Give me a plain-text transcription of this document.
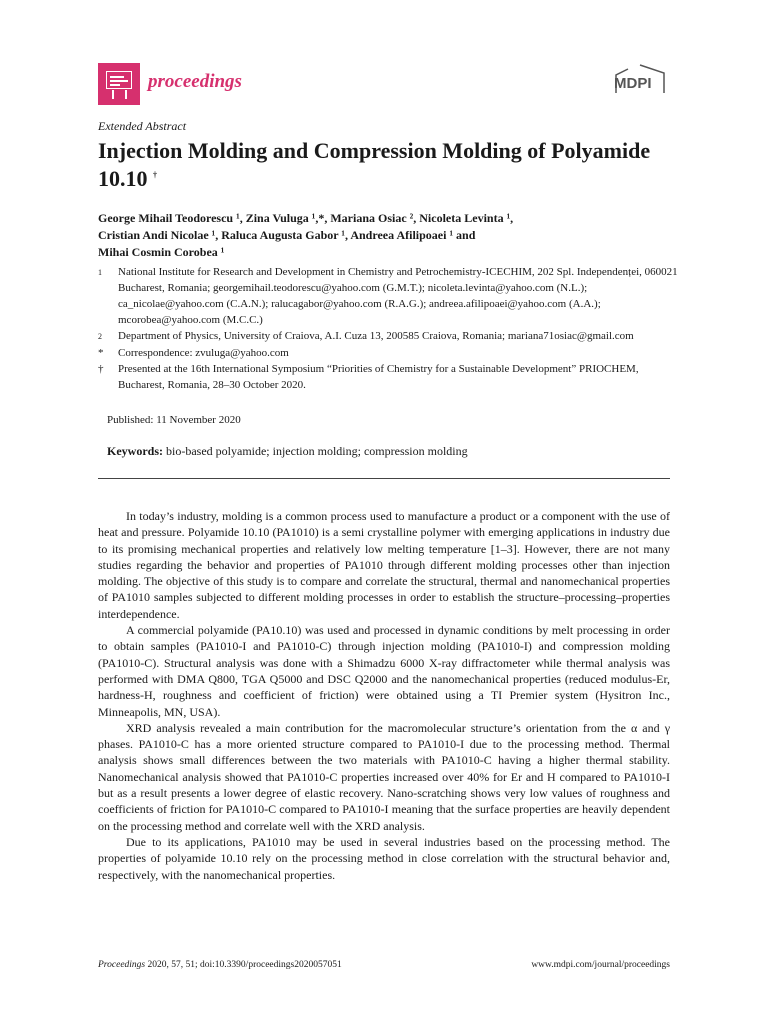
proceedings	MDPI
Extended Abstract
Injection Molding and Compression Molding of Polyamide 10.10 †
George Mihail Teodorescu ¹, Zina Vuluga ¹,*, Mariana Osiac ², Nicoleta Levinta ¹,
Cristian Andi Nicolae ¹, Raluca Augusta Gabor ¹, Andreea Afilipoaei ¹ and
Mihai Cosmin Corobea ¹
1	National Institute for Research and Development in Chemistry and Petrochemistry-ICECHIM, 202 Spl. Independenței, 060021 Bucharest, Romania; georgemihail.teodorescu@yahoo.com (G.M.T.); nicoleta.levinta@yahoo.com (N.L.); ca_nicolae@yahoo.com (C.A.N.); ralucagabor@yahoo.com (R.A.G.); andreea.afilipoaei@yahoo.com (A.A.); mcorobea@yahoo.com (M.C.C.)
2	Department of Physics, University of Craiova, A.I. Cuza 13, 200585 Craiova, Romania; mariana71osiac@gmail.com
*	Correspondence: zvuluga@yahoo.com
†	Presented at the 16th International Symposium “Priorities of Chemistry for a Sustainable Development” PRIOCHEM, Bucharest, Romania, 28–30 October 2020.
Published: 11 November 2020
Keywords: bio-based polyamide; injection molding; compression molding

In today’s industry, molding is a common process used to manufacture a product or a component with the use of heat and pressure. Polyamide 10.10 (PA1010) is a semi crystalline polymer with emerging applications in industry due to its promising mechanical properties and relatively low melting temperature [1–3]. However, there are not many studies regarding the behavior and properties of PA1010 through different molding processes other than injection molding. The objective of this study is to compare and correlate the structural, thermal and nanomechanical properties of PA1010 samples subjected to different molding processes in order to establish the structure–processing–properties interdependence.

A commercial polyamide (PA10.10) was used and processed in dynamic conditions by melt processing in order to obtain samples (PA1010-I and PA1010-C) through injection molding (PA1010-I) and compression molding (PA1010-C). Structural analysis was done with a Shimadzu 6000 X-ray diffractometer while thermal analysis was performed with DMA Q800, TGA Q5000 and DSC Q2000 and the nanomechanical properties (reduced modulus-Er, hardness-H, roughness and coefficient of friction) were obtained using a TI Premier system (Hysitron Inc., Minneapolis, MN, USA).

XRD analysis revealed a main contribution for the macromolecular structure’s orientation from the α and γ phases. PA1010-C has a more oriented structure compared to PA1010-I due to the processing method. Thermal analysis shows small differences between the two materials with PA1010-C having a higher thermal stability. Nanomechanical analysis showed that PA1010-C properties increased over 40% for Er and H compared to PA1010-I but as a result presents a lower degree of elastic recovery. Nano-scratching shows very low values of roughness and coefficients of friction for PA1010-C compared to PA1010-I meaning that the surface properties are heavily dependent on the processing method and correlate well with the XRD analysis.

Due to its applications, PA1010 may be used in several industries based on the processing method. The properties of polyamide 10.10 rely on the processing method in close correlation with the structural behavior and, respectively, with the nanomechanical properties.

Proceedings 2020, 57, 51; doi:10.3390/proceedings2020057051	www.mdpi.com/journal/proceedings
